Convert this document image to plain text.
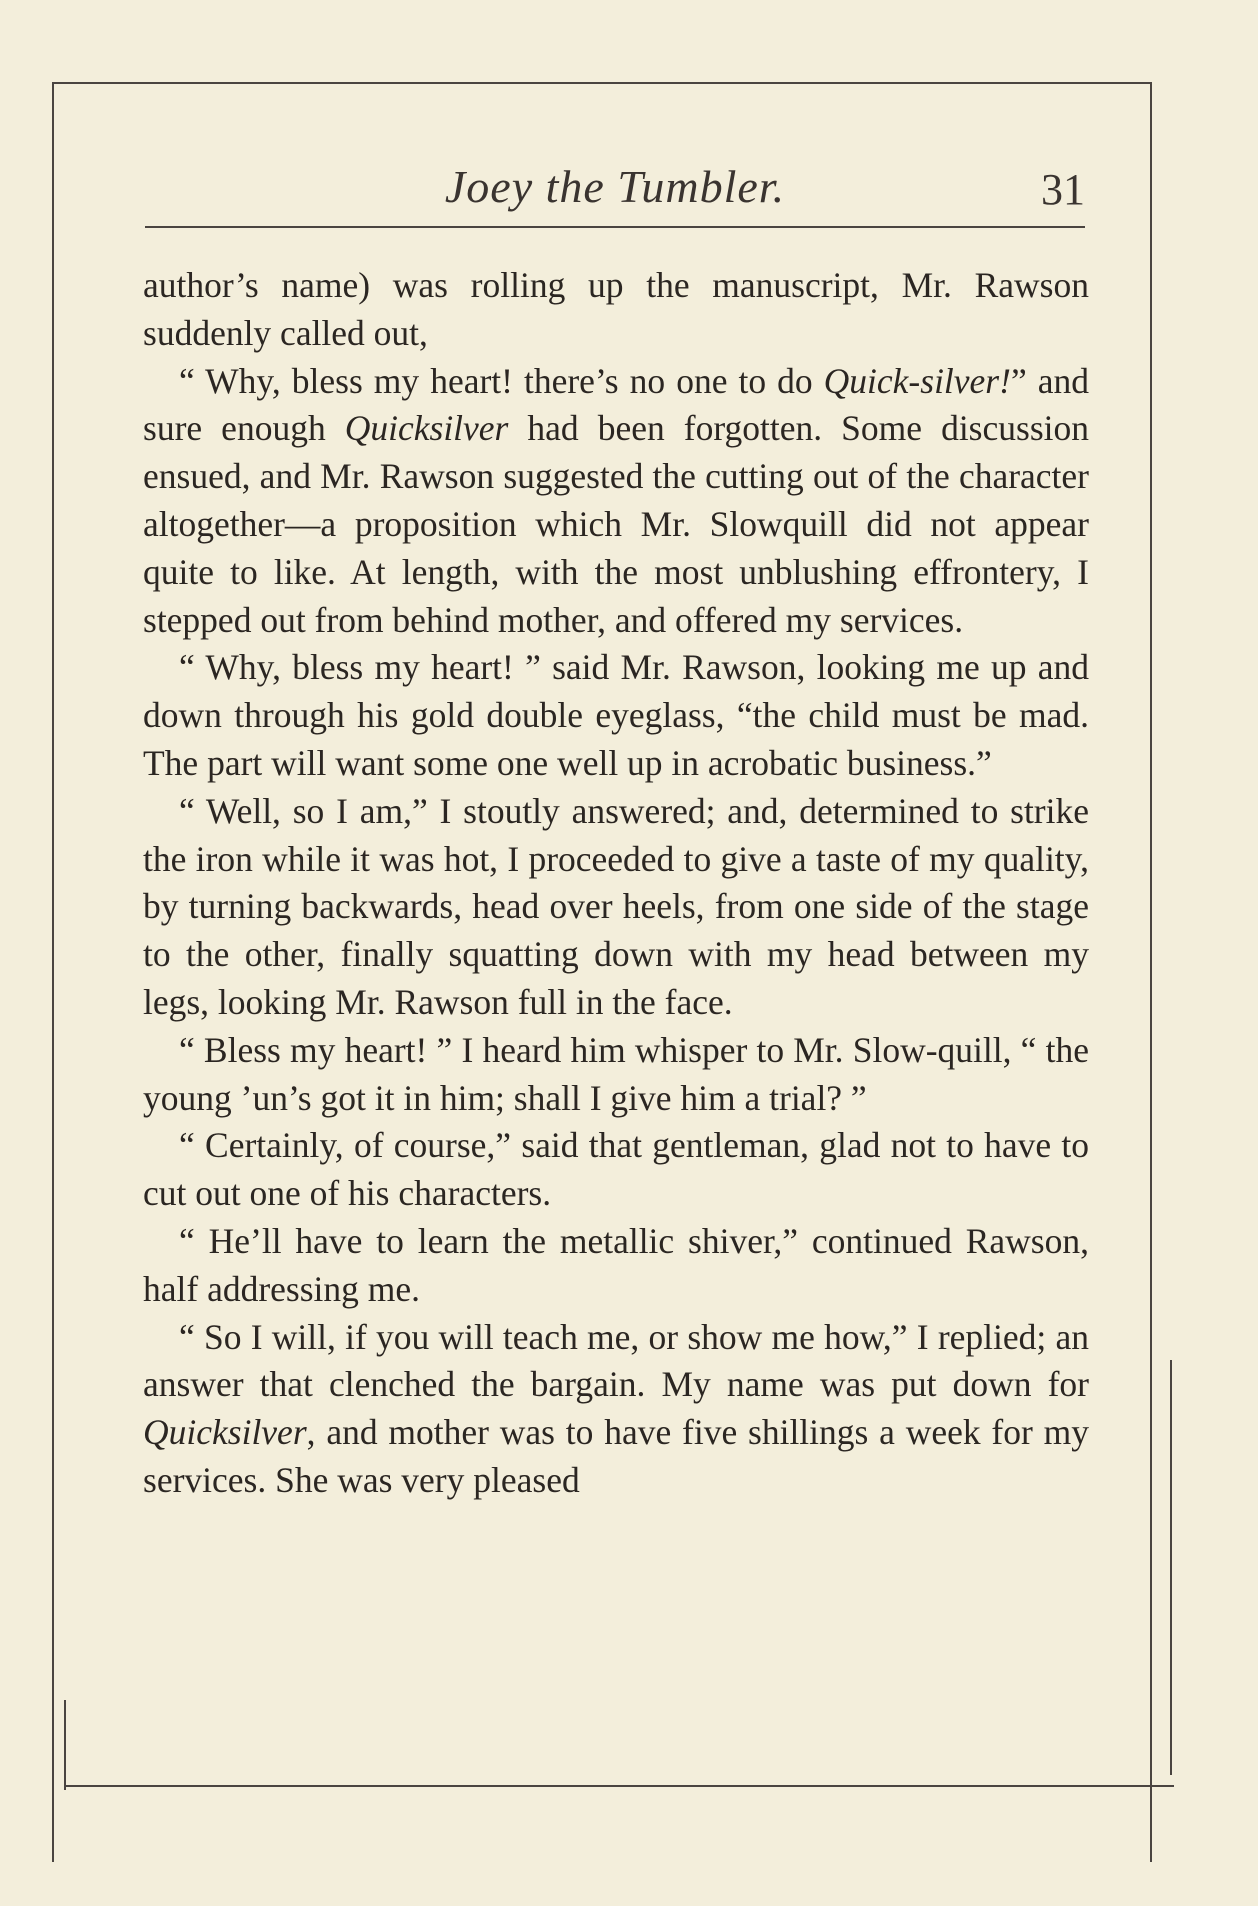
Joey the Tumbler.	31

author’s name) was rolling up the manuscript, Mr. Rawson suddenly called out,

“ Why, bless my heart! there’s no one to do Quick-silver!” and sure enough Quicksilver had been forgotten. Some discussion ensued, and Mr. Rawson suggested the cutting out of the character altogether—a proposition which Mr. Slowquill did not appear quite to like. At length, with the most unblushing effrontery, I stepped out from behind mother, and offered my services.

“ Why, bless my heart! ” said Mr. Rawson, looking me up and down through his gold double eyeglass, “the child must be mad. The part will want some one well up in acrobatic business.”

“ Well, so I am,” I stoutly answered; and, determined to strike the iron while it was hot, I proceeded to give a taste of my quality, by turning backwards, head over heels, from one side of the stage to the other, finally squatting down with my head between my legs, looking Mr. Rawson full in the face.

“ Bless my heart! ” I heard him whisper to Mr. Slow-quill, “ the young ’un’s got it in him; shall I give him a trial? ”

“ Certainly, of course,” said that gentleman, glad not to have to cut out one of his characters.

“ He’ll have to learn the metallic shiver,” continued Rawson, half addressing me.

“ So I will, if you will teach me, or show me how,” I replied; an answer that clenched the bargain. My name was put down for Quicksilver, and mother was to have five shillings a week for my services. She was very pleased
